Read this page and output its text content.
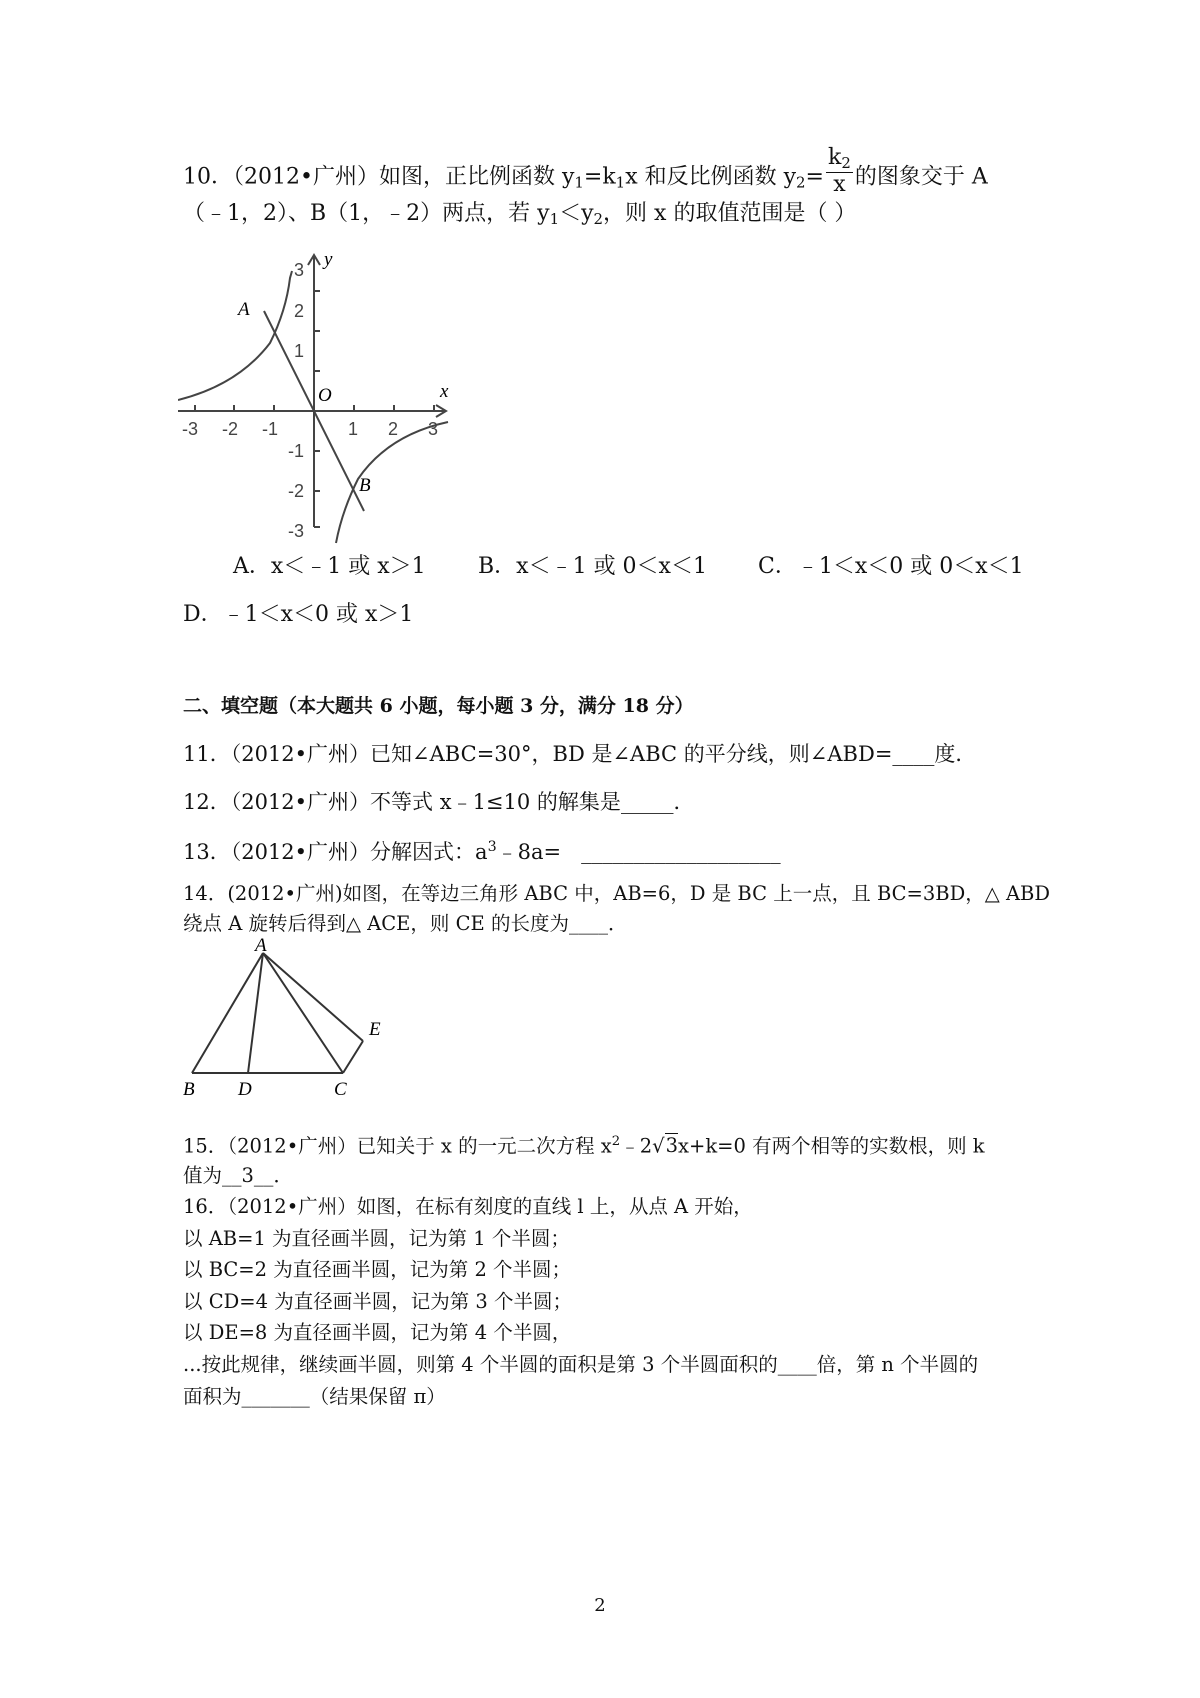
10．（2012•广州）如图，正比例函数 $y_1=k_1x$ 和反比例函数 $y_2= \frac{k_2}{x}$ 的图象交于 A
（﹣1，2）、B（1，﹣2）两点，若 $y_1<y_2$，则 x 的取值范围是（ ）
-3 -2 -1	1 2 3
3
2
1
-1
-2
-3
O	x
y
A
B
A．x＜﹣1 或 x＞1 B．x＜﹣1 或 0＜x＜1 C．﹣1＜x＜0 或 0＜x＜1
D．﹣1＜x＜0 或 x＞1
二、填空题（本大题共 6 小题，每小题 3 分，满分 18 分）
11．（2012•广州）已知∠ABC=30°，BD 是∠ABC 的平分线，则∠ABD=____度．
12．（2012•广州）不等式 x﹣1≤10 的解集是_____．
13．（2012•广州）分解因式：$a^3﹣8a=$ ___________________
14．(2012•广州)如图，在等边三角形 ABC 中，AB=6，D 是 BC 上一点，且 BC=3BD，△ ABD
绕点 A 旋转后得到△ ACE，则 CE 的长度为____．
A
B D	C
E
15．（2012•广州）已知关于 x 的一元二次方程 $x^2﹣2√3x+k=0$ 有两个相等的实数根，则 k
值为__3__．
16．（2012•广州）如图，在标有刻度的直线 l 上，从点 A 开始，
以 AB=1 为直径画半圆，记为第 1 个半圆；
以 BC=2 为直径画半圆，记为第 2 个半圆；
以 CD=4 为直径画半圆，记为第 3 个半圆；
以 DE=8 为直径画半圆，记为第 4 个半圆，
...按此规律，继续画半圆，则第 4 个半圆的面积是第 3 个半圆面积的____倍，第 n 个半圆的
面积为_______（结果保留 π）
2
